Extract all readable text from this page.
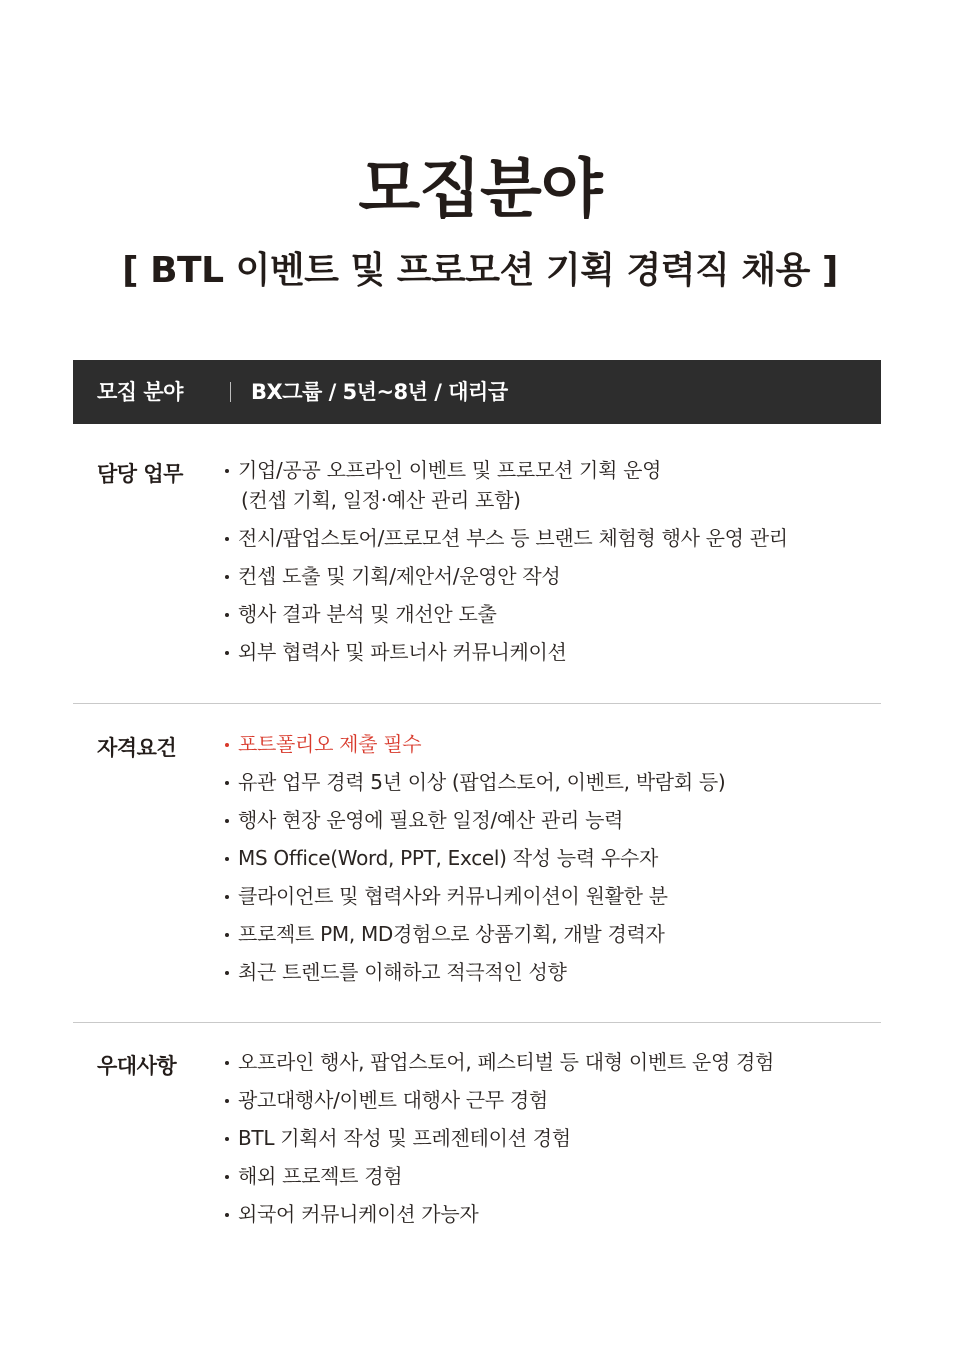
모집분야
[ BTL 이벤트 및 프로모션 기획 경력직 채용 ]
모집 분야	BX그룹 / 5년~8년 / 대리급
담당 업무	기업/공공 오프라인 이벤트 및 프로모션 기획 운영
(컨셉 기획, 일정·예산 관리 포함)
전시/팝업스토어/프로모션 부스 등 브랜드 체험형 행사 운영 관리
컨셉 도출 및 기획/제안서/운영안 작성
행사 결과 분석 및 개선안 도출
외부 협력사 및 파트너사 커뮤니케이션
자격요건	포트폴리오 제출 필수
유관 업무 경력 5년 이상 (팝업스토어, 이벤트, 박람회 등)
행사 현장 운영에 필요한 일정/예산 관리 능력
MS Office(Word, PPT, Excel) 작성 능력 우수자
클라이언트 및 협력사와 커뮤니케이션이 원활한 분
프로젝트 PM, MD경험으로 상품기획, 개발 경력자
최근 트렌드를 이해하고 적극적인 성향
우대사항	오프라인 행사, 팝업스토어, 페스티벌 등 대형 이벤트 운영 경험
광고대행사/이벤트 대행사 근무 경험
BTL 기획서 작성 및 프레젠테이션 경험
해외 프로젝트 경험
외국어 커뮤니케이션 가능자
